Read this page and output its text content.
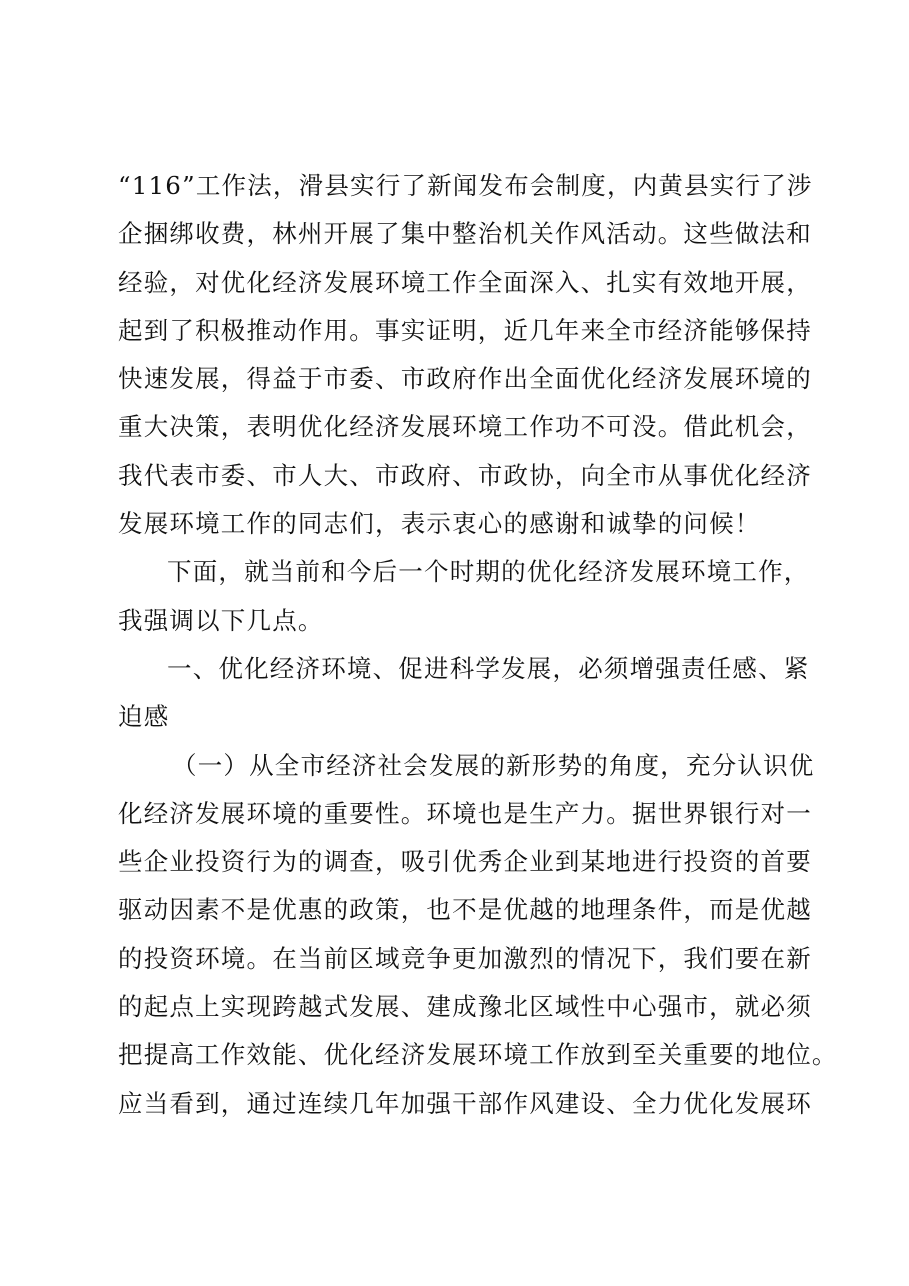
“116”工作法，滑县实行了新闻发布会制度，内黄县实行了涉
企捆绑收费，林州开展了集中整治机关作风活动。这些做法和
经验，对优化经济发展环境工作全面深入、扎实有效地开展，
起到了积极推动作用。事实证明，近几年来全市经济能够保持
快速发展，得益于市委、市政府作出全面优化经济发展环境的
重大决策，表明优化经济发展环境工作功不可没。借此机会，
我代表市委、市人大、市政府、市政协，向全市从事优化经济
发展环境工作的同志们，表示衷心的感谢和诚挚的问候！
下面，就当前和今后一个时期的优化经济发展环境工作，
我强调以下几点。
一、优化经济环境、促进科学发展，必须增强责任感、紧
迫感
（一）从全市经济社会发展的新形势的角度，充分认识优
化经济发展环境的重要性。环境也是生产力。据世界银行对一
些企业投资行为的调查，吸引优秀企业到某地进行投资的首要
驱动因素不是优惠的政策，也不是优越的地理条件，而是优越
的投资环境。在当前区域竞争更加激烈的情况下，我们要在新
的起点上实现跨越式发展、建成豫北区域性中心强市，就必须
把提高工作效能、优化经济发展环境工作放到至关重要的地位。
应当看到，通过连续几年加强干部作风建设、全力优化发展环
